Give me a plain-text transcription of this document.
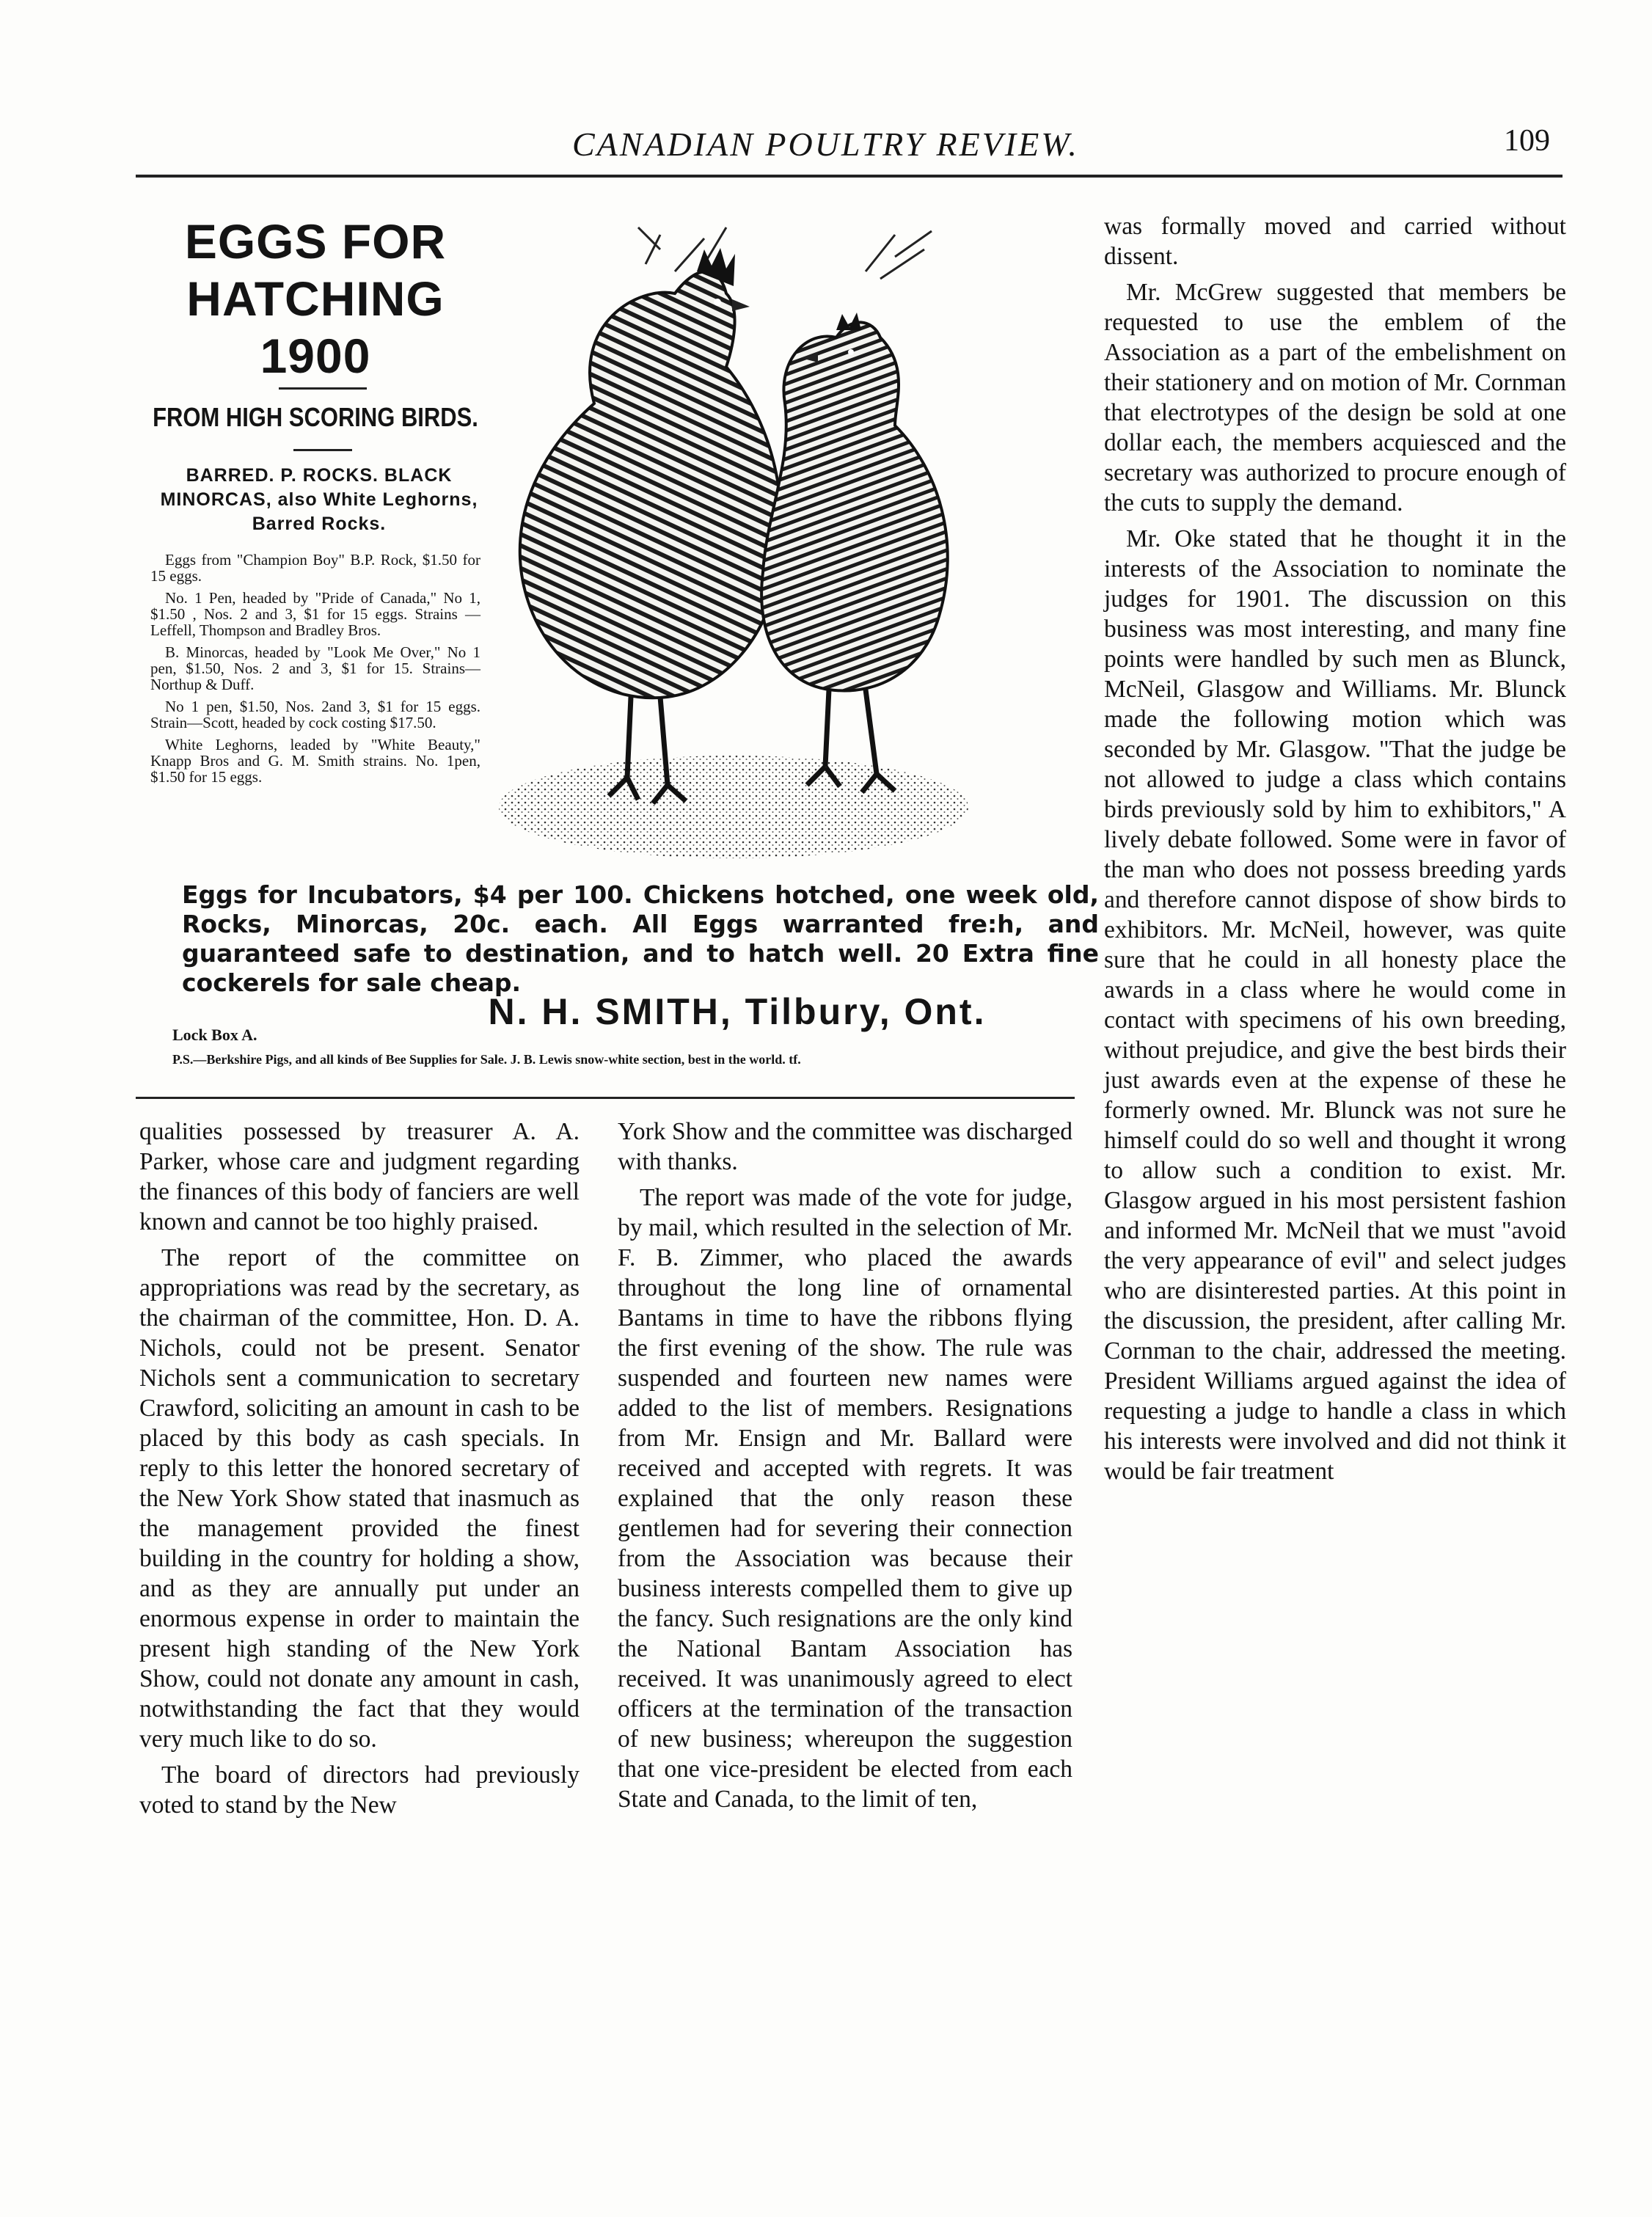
CANADIAN POULTRY REVIEW.	109
EGGS FOR
HATCHING
1900
FROM HIGH SCORING BIRDS.
BARRED. P. ROCKS. BLACK
MINORCAS, also White Leghorns,
Barred Rocks.

Eggs from "Champion Boy" B.P. Rock, $1.50 for 15 eggs.

No. 1 Pen, headed by "Pride of Canada," No 1, $1.50 , Nos. 2 and 3, $1 for 15 eggs. Strains — Leffell, Thompson and Bradley Bros.

B. Minorcas, headed by "Look Me Over," No 1 pen, $1.50, Nos. 2 and 3, $1 for 15. Strains—Northup & Duff.

No 1 pen, $1.50, Nos. 2and 3, $1 for 15 eggs. Strain—Scott, headed by cock costing $17.50.

White Leghorns, leaded by "White Beauty," Knapp Bros and G. M. Smith strains. No. 1pen, $1.50 for 15 eggs.

Eggs for Incubators, $4 per 100. Chickens hotched, one week old, Rocks, Minorcas, 20c. each. All Eggs warranted fre:h, and guaranteed safe to destination, and to hatch well. 20 Extra fine cockerels for sale cheap.
Lock Box A.
N. H. SMITH, Tilbury, Ont.
P.S.—Berkshire Pigs, and all kinds of Bee Supplies for Sale. J. B. Lewis snow-white section, best in the world. tf.

qualities possessed by treasurer A. A. Parker, whose care and judgment regarding the finances of this body of fanciers are well known and cannot be too highly praised.

The report of the committee on appropriations was read by the secretary, as the chairman of the committee, Hon. D. A. Nichols, could not be present. Senator Nichols sent a communication to secretary Crawford, soliciting an amount in cash to be placed by this body as cash specials. In reply to this letter the honored secretary of the New York Show stated that inasmuch as the management provided the finest building in the country for holding a show, and as they are annually put under an enormous expense in order to maintain the present high standing of the New York Show, could not donate any amount in cash, notwithstanding the fact that they would very much like to do so.

The board of directors had previously voted to stand by the New

York Show and the committee was discharged with thanks.

The report was made of the vote for judge, by mail, which resulted in the selection of Mr. F. B. Zimmer, who placed the awards throughout the long line of ornamental Bantams in time to have the ribbons flying the first evening of the show. The rule was suspended and fourteen new names were added to the list of members. Resignations from Mr. Ensign and Mr. Ballard were received and accepted with regrets. It was explained that the only reason these gentlemen had for severing their connection from the Association was because their business interests compelled them to give up the fancy. Such resignations are the only kind the National Bantam Association has received. It was unanimously agreed to elect officers at the termination of the transaction of new business; whereupon the suggestion that one vice-president be elected from each State and Canada, to the limit of ten,

was formally moved and carried without dissent.

Mr. McGrew suggested that members be requested to use the emblem of the Association as a part of the embelishment on their stationery and on motion of Mr. Cornman that electrotypes of the design be sold at one dollar each, the members acquiesced and the secretary was authorized to procure enough of the cuts to supply the demand.

Mr. Oke stated that he thought it in the interests of the Association to nominate the judges for 1901. The discussion on this business was most interesting, and many fine points were handled by such men as Blunck, McNeil, Glasgow and Williams. Mr. Blunck made the following motion which was seconded by Mr. Glasgow. "That the judge be not allowed to judge a class which contains birds previously sold by him to exhibitors," A lively debate followed. Some were in favor of the man who does not possess breeding yards and therefore cannot dispose of show birds to exhibitors. Mr. McNeil, however, was quite sure that he could in all honesty place the awards in a class where he would come in contact with specimens of his own breeding, without prejudice, and give the best birds their just awards even at the expense of these he formerly owned. Mr. Blunck was not sure he himself could do so well and thought it wrong to allow such a condition to exist. Mr. Glasgow argued in his most persistent fashion and informed Mr. McNeil that we must "avoid the very appearance of evil" and select judges who are disinterested parties. At this point in the discussion, the president, after calling Mr. Cornman to the chair, addressed the meeting. President Williams argued against the idea of requesting a judge to handle a class in which his interests were involved and did not think it would be fair treatment
